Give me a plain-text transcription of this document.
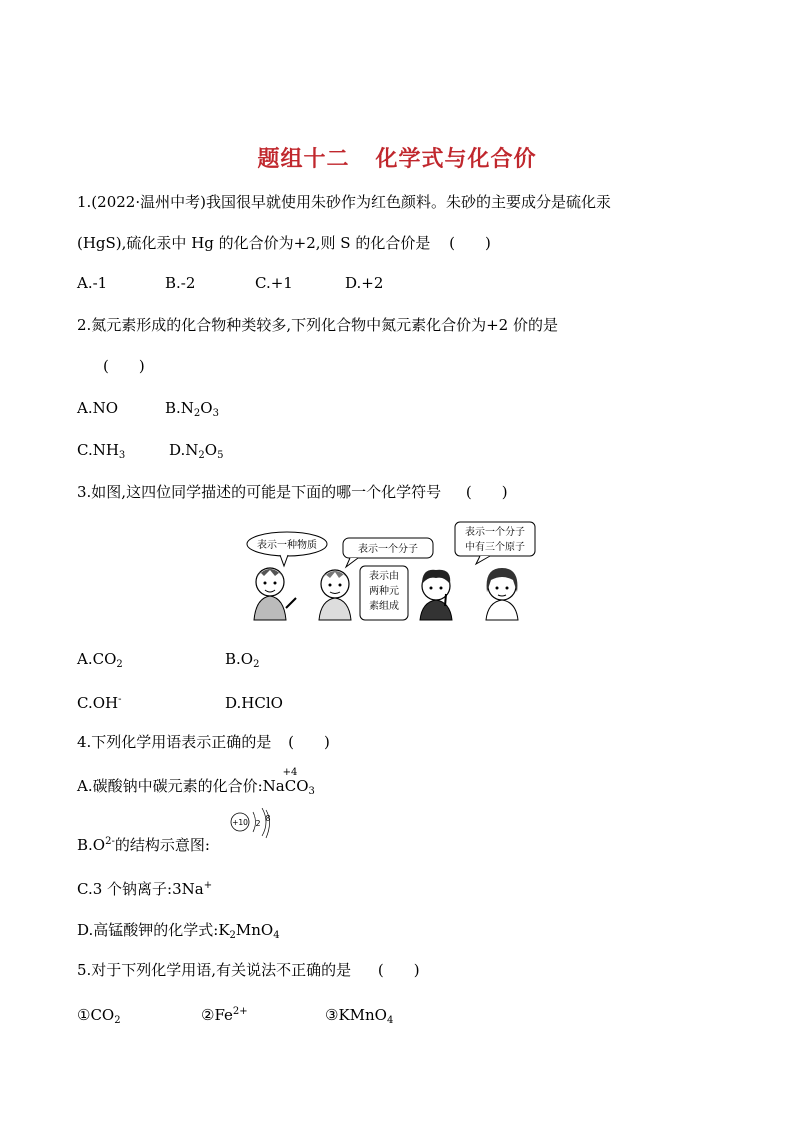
题组十二 化学式与化合价
1.(2022·温州中考)我国很早就使用朱砂作为红色颜料。朱砂的主要成分是硫化汞
(HgS),硫化汞中 Hg 的化合价为+2,则 S 的化合价是 (　　)
A.-1	B.-2	C.+1	D.+2
2.氮元素形成的化合物种类较多,下列化合物中氮元素化合价为+2 价的是
(　　)
A.NO	$B.N_2O_3$
$C.NH_3$	$D.N_2O_5$
3.如图,这四位同学描述的可能是下面的哪一个化学符号 (　　)
表示一种物质	表示一个分子
表示由
两种元
素组成
表示一个分子
中有三个原子
$A.CO_2$	$B.O_2$
C.OH-	D.HClO
4.下列化学用语表示正确的是 (　　)
A.碳酸钠中碳元素的化合价:
+4
NaCO$_3$
$B.O^{2-}$的结构示意图:
+10 2
8
C.3 个钠离子:3Na+
D.高锰酸钾的化学式$:K_2MnO_4$
5.对于下列化学用语,有关说法不正确的是 (　　)
$①CO_2$	$②Fe^{2+}$	③KMnO$_4$
